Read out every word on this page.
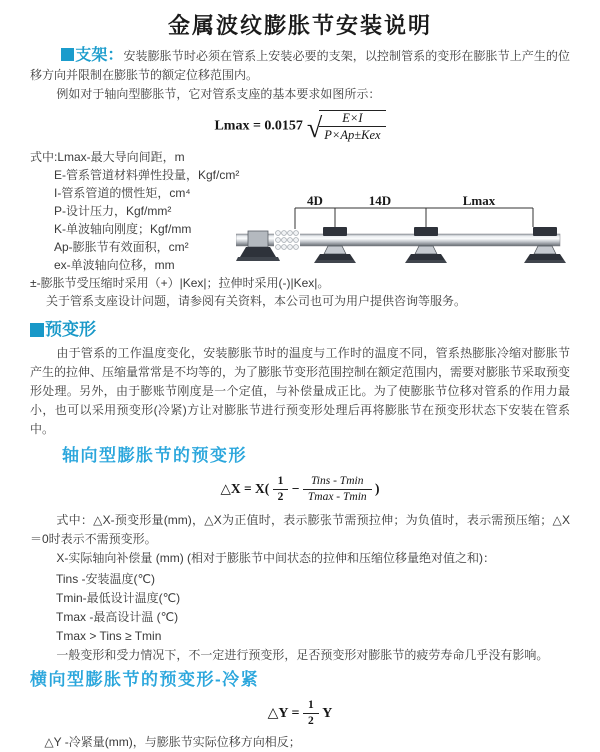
金属波纹膨胀节安装说明

支架：安装膨胀节时必须在管系上安装必要的支架，以控制管系的变形在膨胀节上产生的位移方向并限制在膨胀节的额定位移范围内。

例如对于轴向型膨胀节，它对管系支座的基本要求如图所示：

Lmax = 0.0157 √
$\frac{E\times I}{\text{P×Ap±Kex}}$
式中:Lmax-最大导向间距，m
E-管系管道材料弹性投量，Kgf/cm²
I-管系管道的惯性矩，cm⁴
P-设计压力，Kgf/mm²
K-单波轴向刚度；Kgf/mm
Ap-膨胀节有效面积，cm²
ex-单波轴向位移，mm
4D	14D	Lmax
±-膨胀节受压缩时采用（+）|Kex|；拉伸时采用(-)|Kex|。
关于管系支座设计问题，请参阅有关资料，本公司也可为用户提供咨询等服务。
预变形

由于管系的工作温度变化，安装膨胀节时的温度与工作时的温度不同，管系热膨胀冷缩对膨胀节产生的拉伸、压缩量常常是不均等的，为了膨胀节变形范围控制在额定范围内，需要对膨胀节采取预变形处理。另外，由于膨账节刚度是一个定值，与补偿量成正比。为了使膨胀节位移对管系的作用力最小，也可以采用预变形(冷紧)方让对膨胀节进行预变形处理后再将膨胀节在预变形状态下安装在管系中。

轴向型膨胀节的预变形
△X = $X( \frac{1}{2} - \frac{\text{Tins - Tmin}}{Tmax - Tmin}$ )

式中：△X-预变形量(mm)，△X为正值时，表示膨张节需预拉伸；为负值时，表示需预压缩；△X＝0时表示不需预变形。

X-实际轴向补偿量 (mm) (相对于膨胀节中间状态的拉伸和压缩位移量绝对值之和)：
Tins -安装温度(℃)
Tmin-最低设计温度(℃)
Tmax -最高设计温 (℃)
Tmax > Tins ≥ Tmin
一般变形和受力情况下，不一定进行预变形，足否预变形对膨胀节的疲劳寿命几乎没有影响。
横向型膨胀节的预变形-冷紧
△Y = $\frac{1}{2}$ Y
△Y -冷紧量(mm)，与膨胀节实际位移方向相反；
